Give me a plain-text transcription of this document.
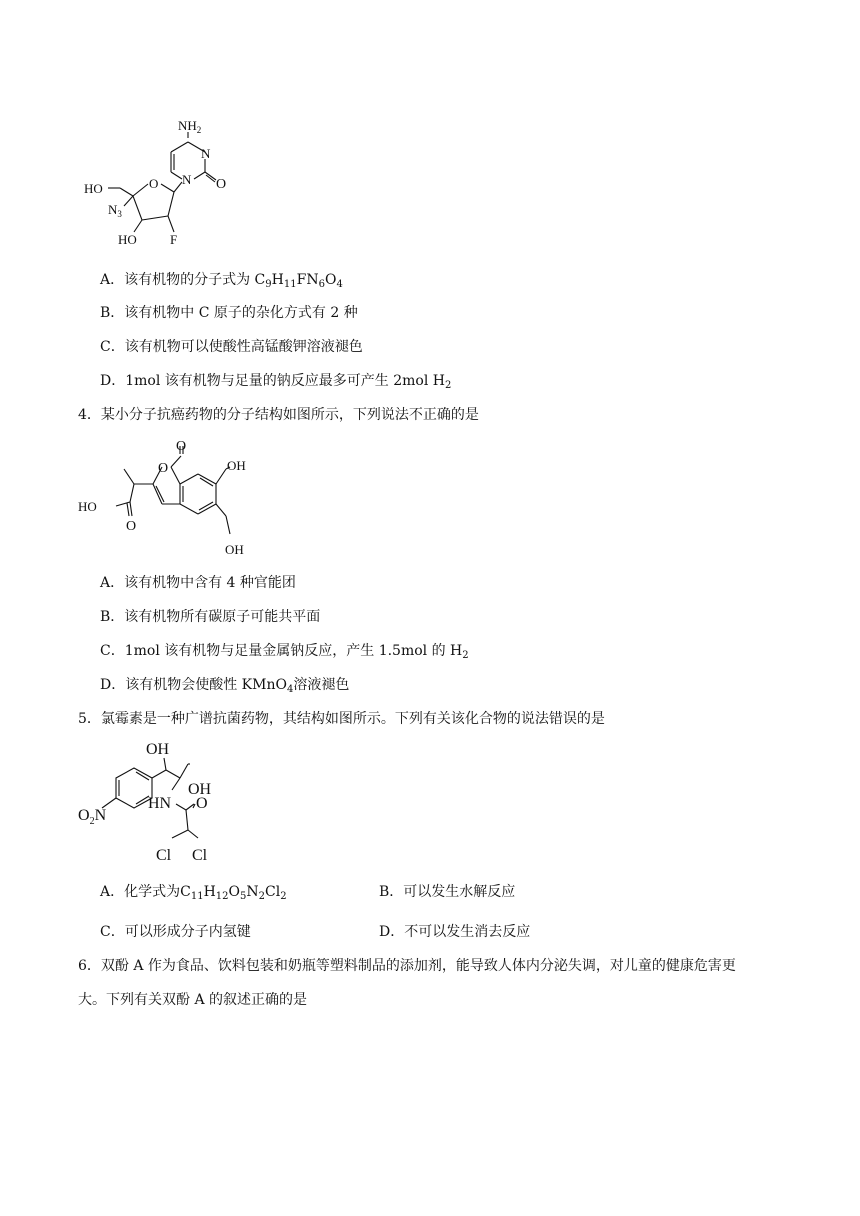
$NH_2$
N
N O
O
HO
$N_3$
HO	F
A．该有机物的分子式为 $C_9H_{11}FN_6O_4$
B．该有机物中 C 原子的杂化方式有 2 种
C．该有机物可以使酸性高锰酸钾溶液褪色
D．1mol 该有机物与足量的钠反应最多可产生 2mol $H_2$
4．某小分子抗癌药物的分子结构如图所示，下列说法不正确的是
O
O	OH
OH
HO
O
A．该有机物中含有 4 种官能团
B．该有机物所有碳原子可能共平面
C．1mol 该有机物与足量金属钠反应，产生 1.5mol 的 $H_2$
D．该有机物会使酸性 KMnO$_4$溶液褪色
5．氯霉素是一种广谱抗菌药物，其结构如图所示。下列有关该化合物的说法错误的是
OH
OH
HN O
$O_2N$
Cl Cl
A．化学式为$C_{11}H_{12}O_5N_2Cl_2$	B．可以发生水解反应
C．可以形成分子内氢键	D．不可以发生消去反应
6．双酚 A 作为食品、饮料包装和奶瓶等塑料制品的添加剂，能导致人体内分泌失调，对儿童的健康危害更
大。下列有关双酚 A 的叙述正确的是
